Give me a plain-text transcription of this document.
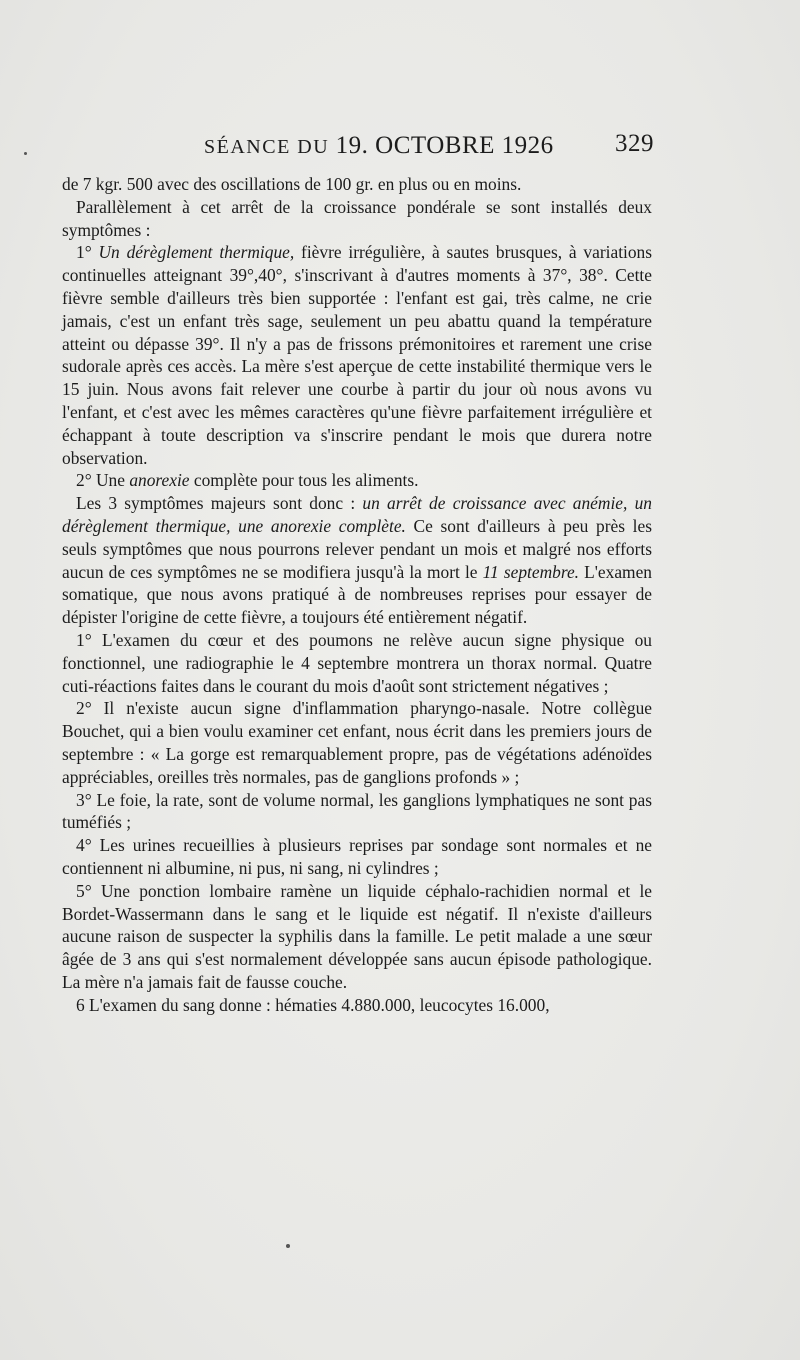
SÉANCE DU 19. OCTOBRE 1926 329

de 7 kgr. 500 avec des oscillations de 100 gr. en plus ou en moins.

Parallèlement à cet arrêt de la croissance pondérale se sont installés deux symptômes :

1° Un dérèglement thermique, fièvre irrégulière, à sautes brusques, à variations continuelles atteignant 39°,40°, s'inscrivant à d'autres moments à 37°, 38°. Cette fièvre semble d'ailleurs très bien supportée : l'enfant est gai, très calme, ne crie jamais, c'est un enfant très sage, seulement un peu abattu quand la température atteint ou dépasse 39°. Il n'y a pas de frissons prémonitoires et rarement une crise sudorale après ces accès. La mère s'est aperçue de cette instabilité thermique vers le 15 juin. Nous avons fait relever une courbe à partir du jour où nous avons vu l'enfant, et c'est avec les mêmes caractères qu'une fièvre parfaitement irrégulière et échappant à toute description va s'inscrire pendant le mois que durera notre observation.

2° Une anorexie complète pour tous les aliments.

Les 3 symptômes majeurs sont donc : un arrêt de croissance avec anémie, un dérèglement thermique, une anorexie complète. Ce sont d'ailleurs à peu près les seuls symptômes que nous pourrons relever pendant un mois et malgré nos efforts aucun de ces symptômes ne se modifiera jusqu'à la mort le 11 septembre. L'examen somatique, que nous avons pratiqué à de nombreuses reprises pour essayer de dépister l'origine de cette fièvre, a toujours été entièrement négatif.

1° L'examen du cœur et des poumons ne relève aucun signe physique ou fonctionnel, une radiographie le 4 septembre montrera un thorax normal. Quatre cuti-réactions faites dans le courant du mois d'août sont strictement négatives ;

2° Il n'existe aucun signe d'inflammation pharyngo-nasale. Notre collègue Bouchet, qui a bien voulu examiner cet enfant, nous écrit dans les premiers jours de septembre : « La gorge est remarquablement propre, pas de végétations adénoïdes appréciables, oreilles très normales, pas de ganglions profonds » ;

3° Le foie, la rate, sont de volume normal, les ganglions lymphatiques ne sont pas tuméfiés ;

4° Les urines recueillies à plusieurs reprises par sondage sont normales et ne contiennent ni albumine, ni pus, ni sang, ni cylindres ;

5° Une ponction lombaire ramène un liquide céphalo-rachidien normal et le Bordet-Wassermann dans le sang et le liquide est négatif. Il n'existe d'ailleurs aucune raison de suspecter la syphilis dans la famille. Le petit malade a une sœur âgée de 3 ans qui s'est normalement développée sans aucun épisode pathologique. La mère n'a jamais fait de fausse couche.

6 L'examen du sang donne : hématies 4.880.000, leucocytes 16.000,
